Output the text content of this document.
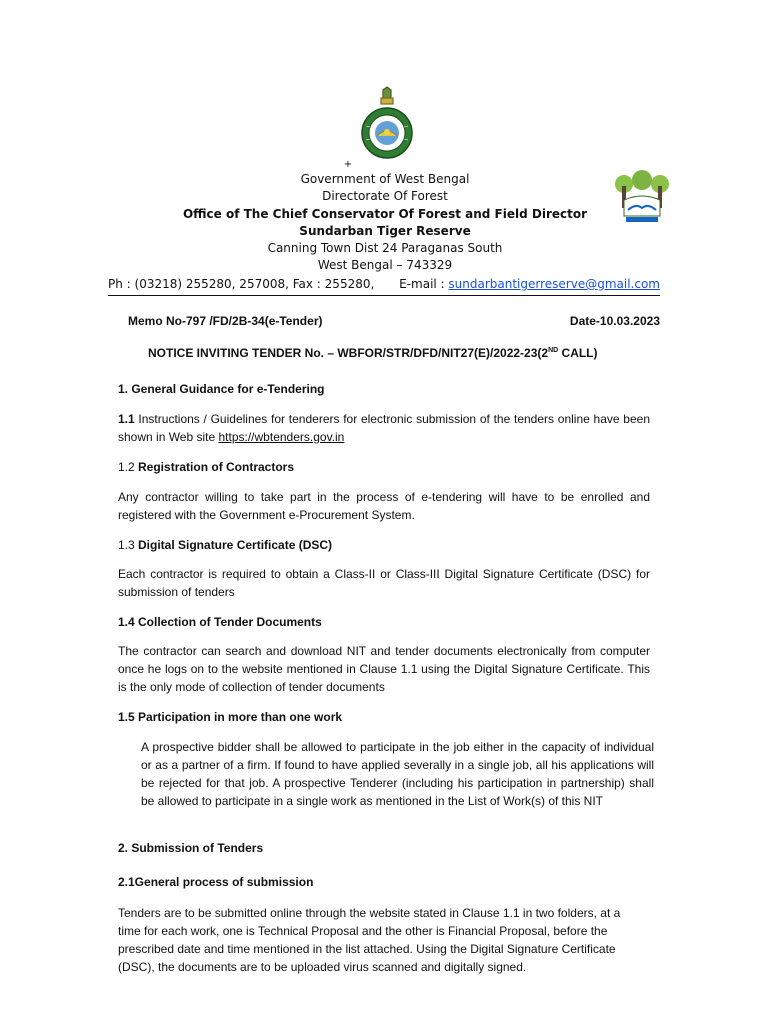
+
Government of West Bengal
Directorate Of Forest
Office of The Chief Conservator Of Forest and Field Director
Sundarban Tiger Reserve
Canning Town Dist 24 Paraganas South
West Bengal – 743329
Ph : (03218) 255280, 257008, Fax : 255280, E-mail : sundarbantigerreserve@gmail.com
Memo No-797 /FD/2B-34(e-Tender)	Date-10.03.2023
NOTICE INVITING TENDER No. – WBFOR/STR/DFD/NIT27(E)/2022-23(2ND CALL)
1. General Guidance for e-Tendering
1.1 Instructions / Guidelines for tenderers for electronic submission of the tenders online have been shown in Web site https://wbtenders.gov.in
1.2 Registration of Contractors
Any contractor willing to take part in the process of e-tendering will have to be enrolled and registered with the Government e-Procurement System.
1.3 Digital Signature Certificate (DSC)
Each contractor is required to obtain a Class-II or Class-III Digital Signature Certificate (DSC) for submission of tenders
1.4 Collection of Tender Documents
The contractor can search and download NIT and tender documents electronically from computer once he logs on to the website mentioned in Clause 1.1 using the Digital Signature Certificate. This is the only mode of collection of tender documents
1.5 Participation in more than one work
A prospective bidder shall be allowed to participate in the job either in the capacity of individual or as a partner of a firm. If found to have applied severally in a single job, all his applications will be rejected for that job. A prospective Tenderer (including his participation in partnership) shall be allowed to participate in a single work as mentioned in the List of Work(s) of this NIT
2. Submission of Tenders
2.1General process of submission
Tenders are to be submitted online through the website stated in Clause 1.1 in two folders, at a time for each work, one is Technical Proposal and the other is Financial Proposal, before the prescribed date and time mentioned in the list attached. Using the Digital Signature Certificate (DSC), the documents are to be uploaded virus scanned and digitally signed.
